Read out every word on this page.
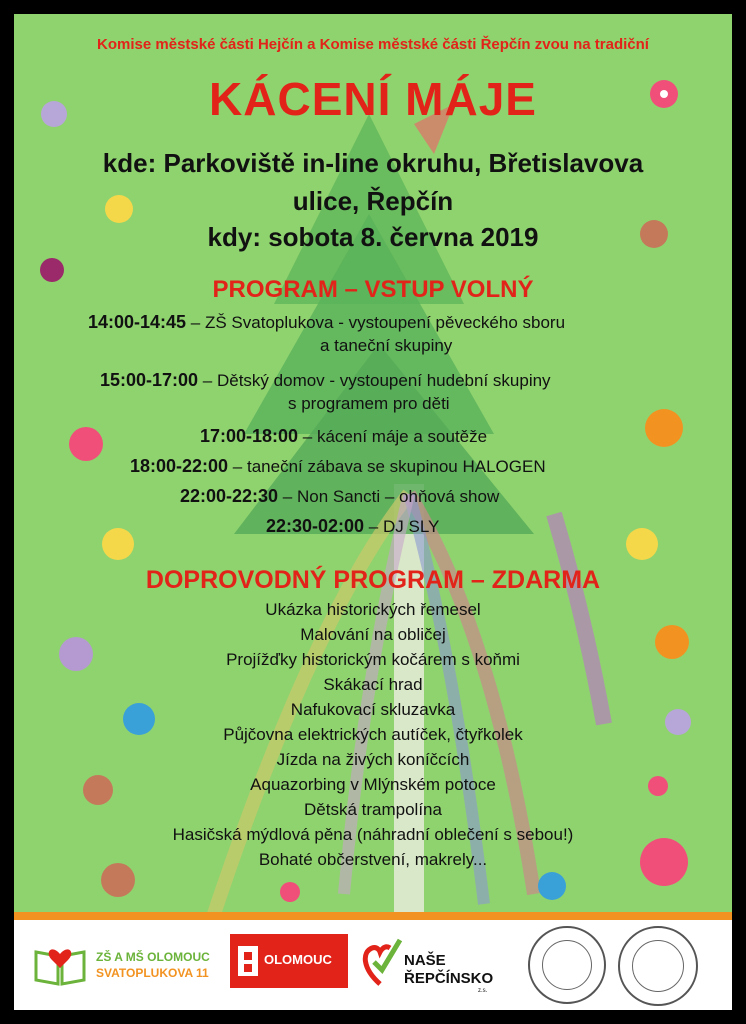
Komise městské části Hejčín a Komise městské části Řepčín zvou na tradiční
KÁCENÍ MÁJE
kde: Parkoviště in-line okruhu, Břetislavova
ulice, Řepčín
kdy: sobota 8. června 2019
PROGRAM – VSTUP VOLNÝ
14:00-14:45 – ZŠ Svatoplukova - vystoupení pěveckého sboru
a taneční skupiny
15:00-17:00 – Dětský domov - vystoupení hudební skupiny
s programem pro děti
17:00-18:00 – kácení máje a soutěže
18:00-22:00 – taneční zábava se skupinou HALOGEN
22:00-22:30 – Non Sancti – ohňová show
22:30-02:00 – DJ SLY
DOPROVODNÝ PROGRAM – ZDARMA
Ukázka historických řemesel
Malování na obličej
Projížďky historickým kočárem s koňmi
Skákací hrad
Nafukovací skluzavka
Půjčovna elektrických autíček, čtyřkolek
Jízda na živých koníčcích
Aquazorbing v Mlýnském potoce
Dětská trampolína
Hasičská mýdlová pěna (náhradní oblečení s sebou!)
Bohaté občerstvení, makrely...
ZŠ A MŠ OLOMOUC
SVATOPLUKOVA 11
OLOMOUC	NAŠE
ŘEPČÍNSKO
z.s.
